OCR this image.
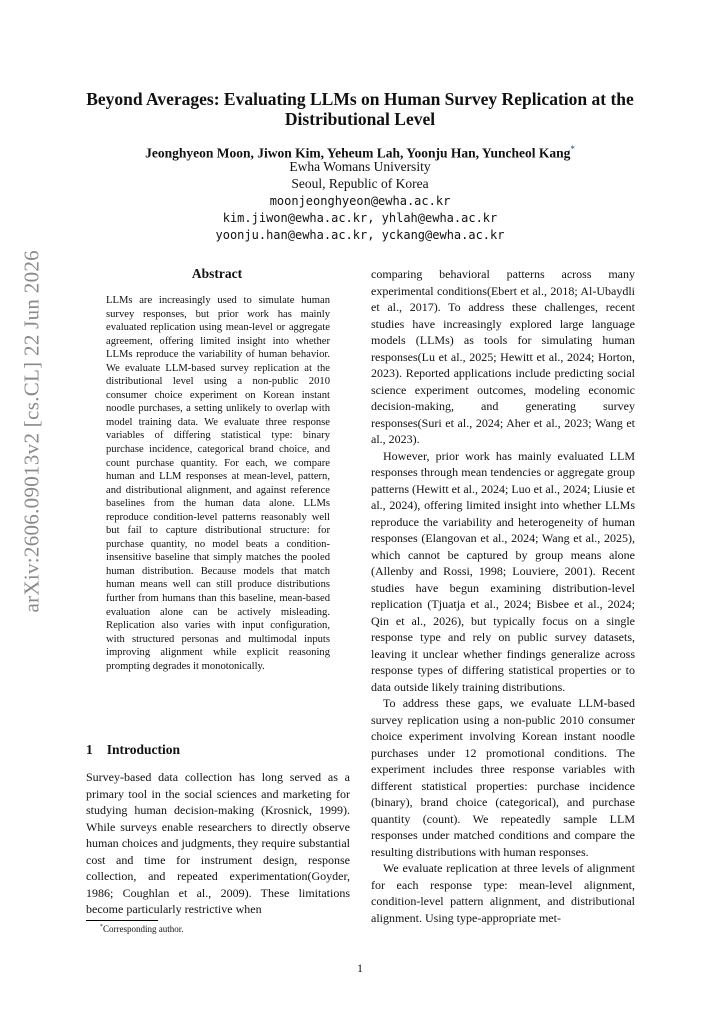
arXiv:2606.09013v2 [cs.CL] 22 Jun 2026
Beyond Averages: Evaluating LLMs on Human Survey Replication at the Distributional Level
Jeonghyeon Moon, Jiwon Kim, Yeheum Lah, Yoonju Han, Yuncheol Kang*
Ewha Womans University
Seoul, Republic of Korea
moonjeonghyeon@ewha.ac.kr
kim.jiwon@ewha.ac.kr, yhlah@ewha.ac.kr
yoonju.han@ewha.ac.kr, yckang@ewha.ac.kr
Abstract
LLMs are increasingly used to simulate human survey responses, but prior work has mainly evaluated replication using mean-level or aggregate agreement, offering limited insight into whether LLMs reproduce the variability of human behavior. We evaluate LLM-based survey replication at the distributional level using a non-public 2010 consumer choice experiment on Korean instant noodle purchases, a setting unlikely to overlap with model training data. We evaluate three response variables of differing statistical type: binary purchase incidence, categorical brand choice, and count purchase quantity. For each, we compare human and LLM responses at mean-level, pattern, and distributional alignment, and against reference baselines from the human data alone. LLMs reproduce condition-level patterns reasonably well but fail to capture distributional structure: for purchase quantity, no model beats a condition-insensitive baseline that simply matches the pooled human distribution. Because models that match human means well can still produce distributions further from humans than this baseline, mean-based evaluation alone can be actively misleading. Replication also varies with input configuration, with structured personas and multimodal inputs improving alignment while explicit reasoning prompting degrades it monotonically.
1 Introduction

Survey-based data collection has long served as a primary tool in the social sciences and marketing for studying human decision-making (Krosnick, 1999). While surveys enable researchers to directly observe human choices and judgments, they require substantial cost and time for instrument design, response collection, and repeated experimentation(Goyder, 1986; Coughlan et al., 2009). These limitations become particularly restrictive when

*Corresponding author.

comparing behavioral patterns across many experimental conditions(Ebert et al., 2018; Al-Ubaydli et al., 2017). To address these challenges, recent studies have increasingly explored large language models (LLMs) as tools for simulating human responses(Lu et al., 2025; Hewitt et al., 2024; Horton, 2023). Reported applications include predicting social science experiment outcomes, modeling economic decision-making, and generating survey responses(Suri et al., 2024; Aher et al., 2023; Wang et al., 2023).

However, prior work has mainly evaluated LLM responses through mean tendencies or aggregate group patterns (Hewitt et al., 2024; Luo et al., 2024; Liusie et al., 2024), offering limited insight into whether LLMs reproduce the variability and heterogeneity of human responses (Elangovan et al., 2024; Wang et al., 2025), which cannot be captured by group means alone (Allenby and Rossi, 1998; Louviere, 2001). Recent studies have begun examining distribution-level replication (Tjuatja et al., 2024; Bisbee et al., 2024; Qin et al., 2026), but typically focus on a single response type and rely on public survey datasets, leaving it unclear whether findings generalize across response types of differing statistical properties or to data outside likely training distributions.

To address these gaps, we evaluate LLM-based survey replication using a non-public 2010 consumer choice experiment involving Korean instant noodle purchases under 12 promotional conditions. The experiment includes three response variables with different statistical properties: purchase incidence (binary), brand choice (categorical), and purchase quantity (count). We repeatedly sample LLM responses under matched conditions and compare the resulting distributions with human responses.

We evaluate replication at three levels of alignment for each response type: mean-level alignment, condition-level pattern alignment, and distributional alignment. Using type-appropriate met-

1
